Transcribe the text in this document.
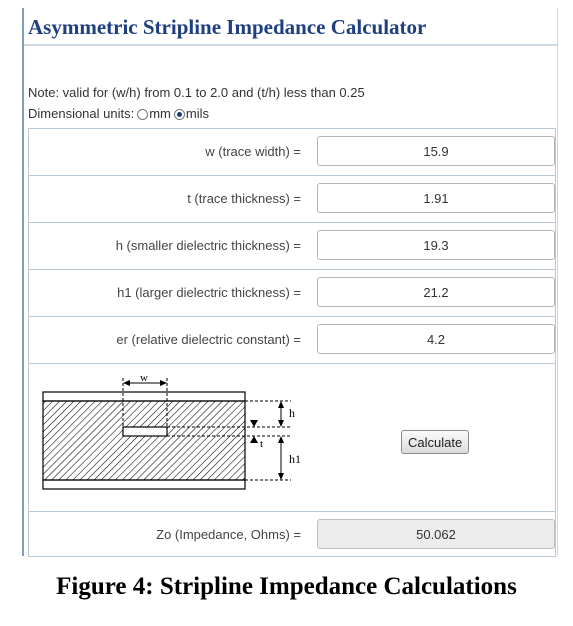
Asymmetric Stripline Impedance Calculator
Note: valid for (w/h) from 0.1 to 2.0 and (t/h) less than 0.25
Dimensional units: mm mils
w (trace width) =
15.9
t (trace thickness) =
1.91
h (smaller dielectric thickness) =
19.3
h1 (larger dielectric thickness) =
21.2
er (relative dielectric constant) =
4.2
w
h
t
h1
Calculate
Zo (Impedance, Ohms) =
50.062
Figure 4: Stripline Impedance Calculations
